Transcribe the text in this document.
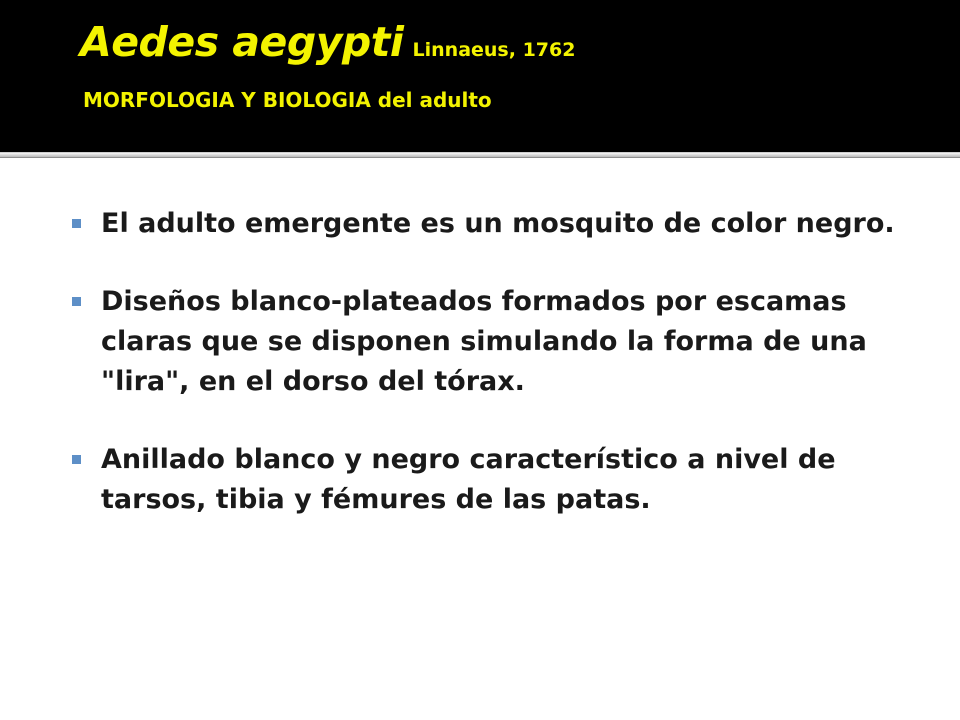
Aedes aegypti Linnaeus, 1762
MORFOLOGIA Y BIOLOGIA del adulto
El adulto emergente es un mosquito de color negro.
Diseños blanco-plateados formados por escamas claras que se disponen simulando la forma de una "lira", en el dorso del tórax.
Anillado blanco y negro característico a nivel de tarsos, tibia y fémures de las patas.
